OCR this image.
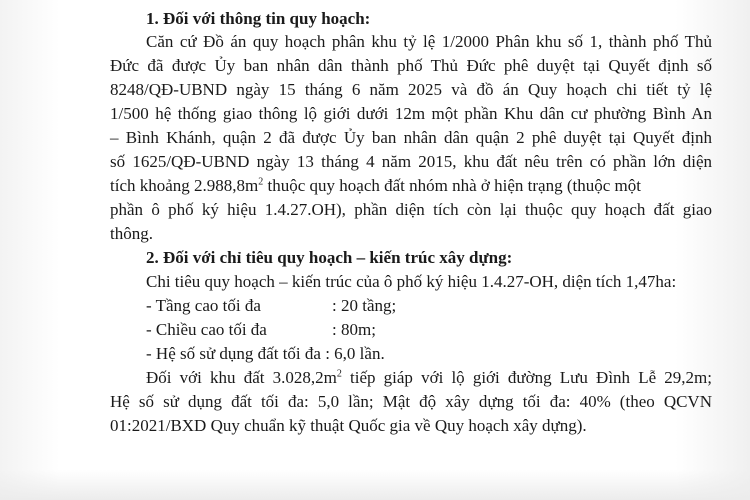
1. Đối với thông tin quy hoạch:
Căn cứ Đồ án quy hoạch phân khu tỷ lệ 1/2000 Phân khu số 1, thành phố Thủ
Đức đã được Ủy ban nhân dân thành phố Thủ Đức phê duyệt tại Quyết định số
8248/QĐ-UBND ngày 15 tháng 6 năm 2025 và đồ án Quy hoạch chi tiết tỷ lệ
1/500 hệ thống giao thông lộ giới dưới 12m một phần Khu dân cư phường Bình An
– Bình Khánh, quận 2 đã được Ủy ban nhân dân quận 2 phê duyệt tại Quyết định
số 1625/QĐ-UBND ngày 13 tháng 4 năm 2015, khu đất nêu trên có phần lớn diện
tích khoảng $2.988,8m^2$ thuộc quy hoạch đất nhóm nhà ở hiện trạng (thuộc một
phần ô phố ký hiệu 1.4.27.OH), phần diện tích còn lại thuộc quy hoạch đất giao
thông.
2. Đối với chỉ tiêu quy hoạch – kiến trúc xây dựng:
Chi tiêu quy hoạch – kiến trúc của ô phố ký hiệu 1.4.27-OH, diện tích 1,47ha:
- Tầng cao tối đa	: 20 tầng;
- Chiều cao tối đa	: 80m;
- Hệ số sử dụng đất tối đa : 6,0 lần.
Đối với khu đất $3.028,2m^2$ tiếp giáp với lộ giới đường Lưu Đình Lễ 29,2m;
Hệ số sử dụng đất tối đa: 5,0 lần; Mật độ xây dựng tối đa: 40% (theo QCVN
01:2021/BXD Quy chuẩn kỹ thuật Quốc gia về Quy hoạch xây dựng).
